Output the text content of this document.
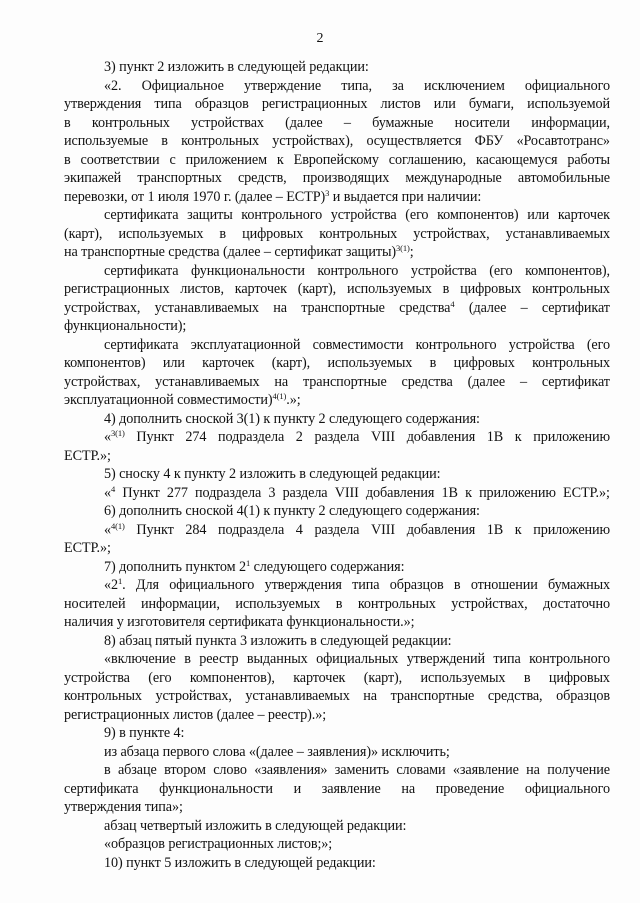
2
3)
пункт
2
изложить
в
следующей
редакции:
«2. Официальное утверждение типа, за исключением официального
утверждения типа образцов регистрационных листов или бумаги, используемой
в контрольных устройствах (далее – бумажные носители информации,
используемые в контрольных устройствах), осуществляется ФБУ «Росавтотранс»
в соответствии с приложением к Европейскому соглашению, касающемуся работы
экипажей транспортных средств, производящих международные автомобильные
перевозки,
от
1
июля
1970
г.
(далее
–
ЕСТР)$^3$
и
выдается
при
наличии:
сертификата защиты контрольного устройства (его компонентов) или карточек
(карт), используемых в цифровых контрольных устройствах, устанавливаемых
на
транспортные
средства
(далее
–
сертификат
защиты)$^{3(1)}$;
сертификата функциональности контрольного устройства (его компонентов),
регистрационных листов, карточек (карт), используемых в цифровых контрольных
устройствах, устанавливаемых на транспортные средства$^4$ (далее – сертификат
функциональности);
сертификата эксплуатационной совместимости контрольного устройства (его
компонентов) или карточек (карт), используемых в цифровых контрольных
устройствах, устанавливаемых на транспортные средства (далее – сертификат
эксплуатационной
совместимости)$^{4(1)}$.»;
4)
дополнить
сноской
3(1)
к
пункту
2
следующего
содержания:
«$^{3(1)}$ Пункт 274 подраздела 2 раздела VIII добавления 1В к приложению
ЕСТР.»;
5)
сноску
4
к
пункту
2
изложить
в
следующей
редакции:
«$^4$ Пункт 277 подраздела 3 раздела VIII добавления 1В к приложению ЕСТР.»;
6)
дополнить
сноской
4(1)
к
пункту
2
следующего
содержания:
«$^{4(1)}$ Пункт 284 подраздела 4 раздела VIII добавления 1В к приложению
ЕСТР.»;
7)
дополнить
пунктом
$2^1$
следующего
содержания:
«$2^1$. Для официального утверждения типа образцов в отношении бумажных
носителей информации, используемых в контрольных устройствах, достаточно
наличия
у
изготовителя
сертификата
функциональности.»;
8)
абзац
пятый
пункта
3
изложить
в
следующей
редакции:
«включение в реестр выданных официальных утверждений типа контрольного
устройства (его компонентов), карточек (карт), используемых в цифровых
контрольных устройствах, устанавливаемых на транспортные средства, образцов
регистрационных
листов
(далее
–
реестр).»;
9)
в
пункте
4:
из
абзаца
первого
слова
«(далее
–
заявления)»
исключить;
в абзаце втором слово «заявления» заменить словами «заявление на получение
сертификата функциональности и заявление на проведение официального
утверждения
типа»;
абзац
четвертый
изложить
в
следующей
редакции:
«образцов
регистрационных
листов;»;
10)
пункт
5
изложить
в
следующей
редакции:
